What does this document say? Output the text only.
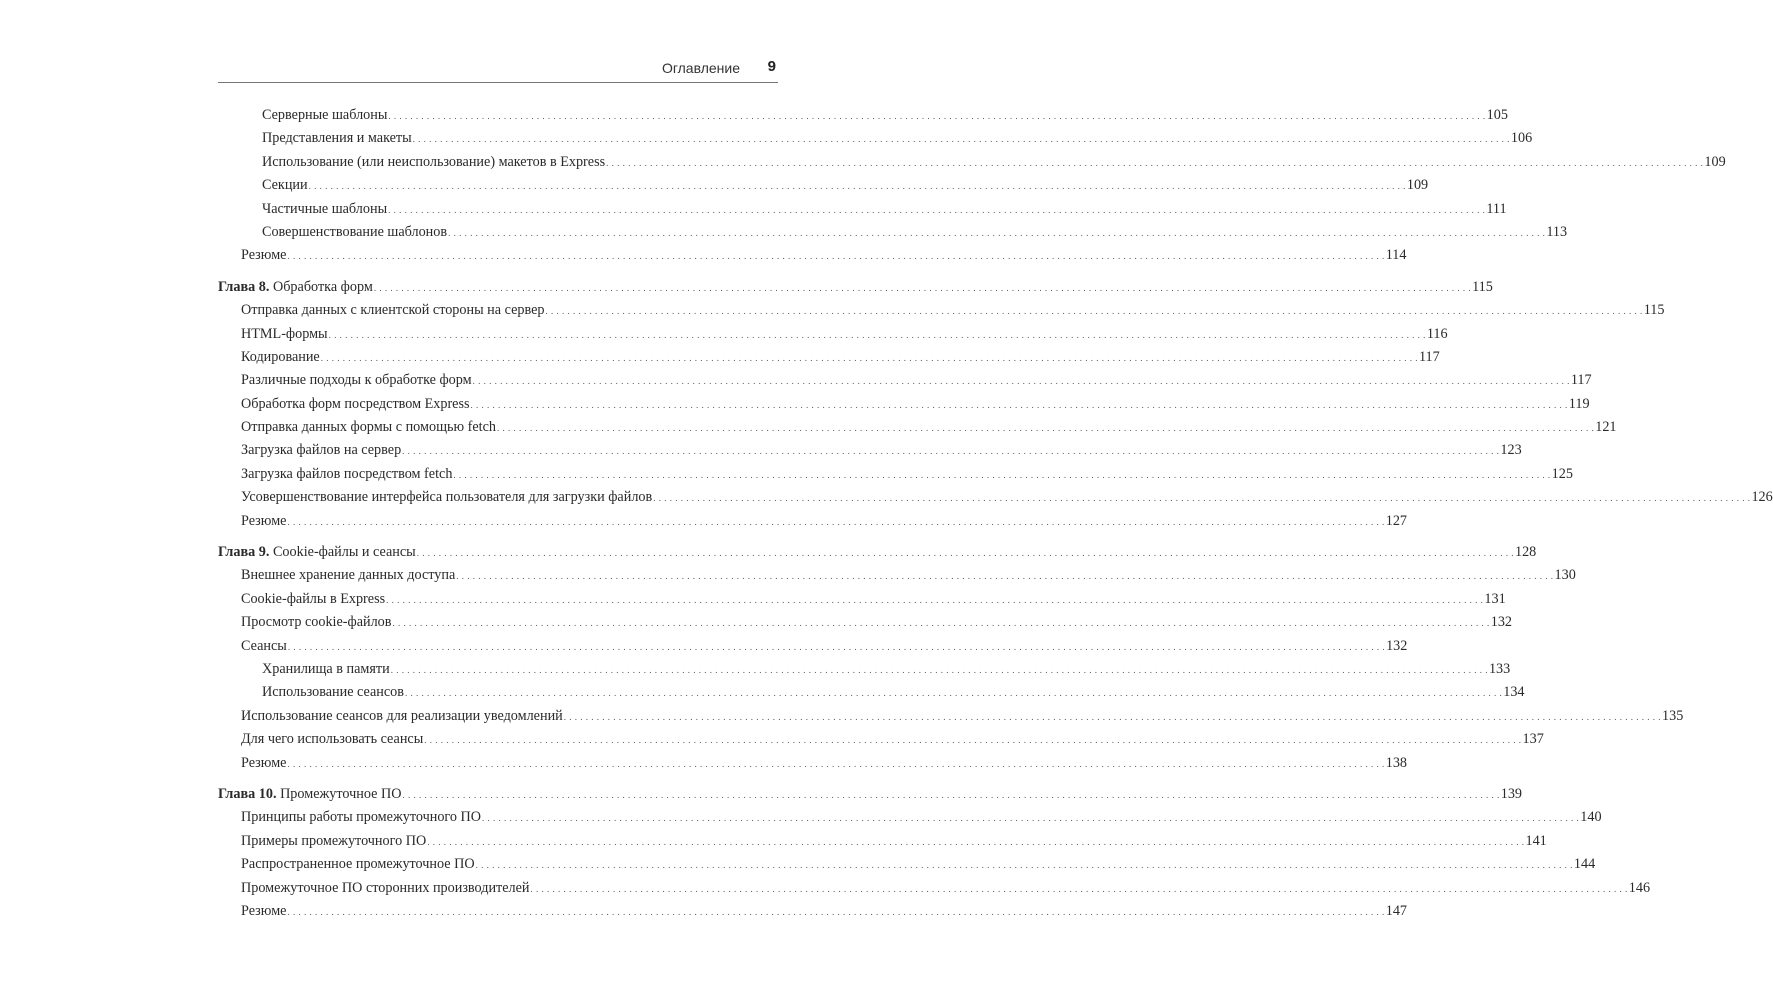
Оглавление 9
Серверные шаблоны . . . . . . . . . . . . . . . . . . . . . . . . . . . . . . . . . . . . . . . . . . . . . . . . . . . . . . . . . . . . . . . . . . . . . . . . . . . . . . . . . . . . . . . . . . . . . . . . . . . . . . . . . . . . . . . . . . . . . . . . . . . . . . . . . . . . . . . . . . . . . . . . . . . . . . . . . . . . . . . . . . . . . . . . . . . . . . . . . . . . . . . . . . . . . . . . . . . . . . . . 105
Представления и макеты . . . . . . . . . . . . . . . . . . . . . . . . . . . . . . . . . . . . . . . . . . . . . . . . . . . . . . . . . . . . . . . . . . . . . . . . . . . . . . . . . . . . . . . . . . . . . . . . . . . . . . . . . . . . . . . . . . . . . . . . . . . . . . . . . . . . . . . . . . . . . . . . . . . . . . . . . . . . . . . . . . . . . . . . . . . . . . . . . . . . . . . . . . . . . . . . . . . . . . . . 106
Использование (или неиспользование) макетов в Express . . . . . . . . . . . . . . . . . . . . . . . . . . . . . . . . . . . . . . . . . . . . . . . . . . . . . . . . . . . . . . . . . . . . . . . . . . . . . . . . . . . . . . . . . . . . . . . . . . . . . . . . . . . . . . . . . . . . . . . . . . . . . . . . . . . . . . . . . . . . . . . . . . . . . . . . . . . . . . . . . . . . . . . . . . . . . . . . . . . . . . . . . . . . . . . . . . . . . . . . 109
Секции . . . . . . . . . . . . . . . . . . . . . . . . . . . . . . . . . . . . . . . . . . . . . . . . . . . . . . . . . . . . . . . . . . . . . . . . . . . . . . . . . . . . . . . . . . . . . . . . . . . . . . . . . . . . . . . . . . . . . . . . . . . . . . . . . . . . . . . . . . . . . . . . . . . . . . . . . . . . . . . . . . . . . . . . . . . . . . . . . . . . . . . . . . . . . . . . . . . . . . . . 109
Частичные шаблоны . . . . . . . . . . . . . . . . . . . . . . . . . . . . . . . . . . . . . . . . . . . . . . . . . . . . . . . . . . . . . . . . . . . . . . . . . . . . . . . . . . . . . . . . . . . . . . . . . . . . . . . . . . . . . . . . . . . . . . . . . . . . . . . . . . . . . . . . . . . . . . . . . . . . . . . . . . . . . . . . . . . . . . . . . . . . . . . . . . . . . . . . . . . . . . . . . . . . . . . . 111
Совершенствование шаблонов . . . . . . . . . . . . . . . . . . . . . . . . . . . . . . . . . . . . . . . . . . . . . . . . . . . . . . . . . . . . . . . . . . . . . . . . . . . . . . . . . . . . . . . . . . . . . . . . . . . . . . . . . . . . . . . . . . . . . . . . . . . . . . . . . . . . . . . . . . . . . . . . . . . . . . . . . . . . . . . . . . . . . . . . . . . . . . . . . . . . . . . . . . . . . . . . . . . . . . . . 113
Резюме . . . . . . . . . . . . . . . . . . . . . . . . . . . . . . . . . . . . . . . . . . . . . . . . . . . . . . . . . . . . . . . . . . . . . . . . . . . . . . . . . . . . . . . . . . . . . . . . . . . . . . . . . . . . . . . . . . . . . . . . . . . . . . . . . . . . . . . . . . . . . . . . . . . . . . . . . . . . . . . . . . . . . . . . . . . . . . . . . . . . . . . . . . . . . . . . . . . . . . . . 114
Глава 8. Обработка форм . . . . . . . . . . . . . . . . . . . . . . . . . . . . . . . . . . . . . . . . . . . . . . . . . . . . . . . . . . . . . . . . . . . . . . . . . . . . . . . . . . . . . . . . . . . . . . . . . . . . . . . . . . . . . . . . . . . . . . . . . . . . . . . . . . . . . . . . . . . . . . . . . . . . . . . . . . . . . . . . . . . . . . . . . . . . . . . . . . . . . . . . . . . . . . . . . . . . . . . . 115
Отправка данных с клиентской стороны на сервер . . . . . . . . . . . . . . . . . . . . . . . . . . . . . . . . . . . . . . . . . . . . . . . . . . . . . . . . . . . . . . . . . . . . . . . . . . . . . . . . . . . . . . . . . . . . . . . . . . . . . . . . . . . . . . . . . . . . . . . . . . . . . . . . . . . . . . . . . . . . . . . . . . . . . . . . . . . . . . . . . . . . . . . . . . . . . . . . . . . . . . . . . . . . . . . . . . . . . . . . 115
HTML-формы . . . . . . . . . . . . . . . . . . . . . . . . . . . . . . . . . . . . . . . . . . . . . . . . . . . . . . . . . . . . . . . . . . . . . . . . . . . . . . . . . . . . . . . . . . . . . . . . . . . . . . . . . . . . . . . . . . . . . . . . . . . . . . . . . . . . . . . . . . . . . . . . . . . . . . . . . . . . . . . . . . . . . . . . . . . . . . . . . . . . . . . . . . . . . . . . . . . . . . . . 116
Кодирование . . . . . . . . . . . . . . . . . . . . . . . . . . . . . . . . . . . . . . . . . . . . . . . . . . . . . . . . . . . . . . . . . . . . . . . . . . . . . . . . . . . . . . . . . . . . . . . . . . . . . . . . . . . . . . . . . . . . . . . . . . . . . . . . . . . . . . . . . . . . . . . . . . . . . . . . . . . . . . . . . . . . . . . . . . . . . . . . . . . . . . . . . . . . . . . . . . . . . . . . 117
Различные подходы к обработке форм . . . . . . . . . . . . . . . . . . . . . . . . . . . . . . . . . . . . . . . . . . . . . . . . . . . . . . . . . . . . . . . . . . . . . . . . . . . . . . . . . . . . . . . . . . . . . . . . . . . . . . . . . . . . . . . . . . . . . . . . . . . . . . . . . . . . . . . . . . . . . . . . . . . . . . . . . . . . . . . . . . . . . . . . . . . . . . . . . . . . . . . . . . . . . . . . . . . . . . . . 117
Обработка форм посредством Express . . . . . . . . . . . . . . . . . . . . . . . . . . . . . . . . . . . . . . . . . . . . . . . . . . . . . . . . . . . . . . . . . . . . . . . . . . . . . . . . . . . . . . . . . . . . . . . . . . . . . . . . . . . . . . . . . . . . . . . . . . . . . . . . . . . . . . . . . . . . . . . . . . . . . . . . . . . . . . . . . . . . . . . . . . . . . . . . . . . . . . . . . . . . . . . . . . . . . . . . 119
Отправка данных формы с помощью fetch . . . . . . . . . . . . . . . . . . . . . . . . . . . . . . . . . . . . . . . . . . . . . . . . . . . . . . . . . . . . . . . . . . . . . . . . . . . . . . . . . . . . . . . . . . . . . . . . . . . . . . . . . . . . . . . . . . . . . . . . . . . . . . . . . . . . . . . . . . . . . . . . . . . . . . . . . . . . . . . . . . . . . . . . . . . . . . . . . . . . . . . . . . . . . . . . . . . . . . . . 121
Загрузка файлов на сервер . . . . . . . . . . . . . . . . . . . . . . . . . . . . . . . . . . . . . . . . . . . . . . . . . . . . . . . . . . . . . . . . . . . . . . . . . . . . . . . . . . . . . . . . . . . . . . . . . . . . . . . . . . . . . . . . . . . . . . . . . . . . . . . . . . . . . . . . . . . . . . . . . . . . . . . . . . . . . . . . . . . . . . . . . . . . . . . . . . . . . . . . . . . . . . . . . . . . . . . . 123
Загрузка файлов посредством fetch . . . . . . . . . . . . . . . . . . . . . . . . . . . . . . . . . . . . . . . . . . . . . . . . . . . . . . . . . . . . . . . . . . . . . . . . . . . . . . . . . . . . . . . . . . . . . . . . . . . . . . . . . . . . . . . . . . . . . . . . . . . . . . . . . . . . . . . . . . . . . . . . . . . . . . . . . . . . . . . . . . . . . . . . . . . . . . . . . . . . . . . . . . . . . . . . . . . . . . . . 125
Усовершенствование интерфейса пользователя для загрузки файлов . . . . . . . . . . . . . . . . . . . . . . . . . . . . . . . . . . . . . . . . . . . . . . . . . . . . . . . . . . . . . . . . . . . . . . . . . . . . . . . . . . . . . . . . . . . . . . . . . . . . . . . . . . . . . . . . . . . . . . . . . . . . . . . . . . . . . . . . . . . . . . . . . . . . . . . . . . . . . . . . . . . . . . . . . . . . . . . . . . . . . . . . . . . . . . . . . . . . . . . . 126
Резюме . . . . . . . . . . . . . . . . . . . . . . . . . . . . . . . . . . . . . . . . . . . . . . . . . . . . . . . . . . . . . . . . . . . . . . . . . . . . . . . . . . . . . . . . . . . . . . . . . . . . . . . . . . . . . . . . . . . . . . . . . . . . . . . . . . . . . . . . . . . . . . . . . . . . . . . . . . . . . . . . . . . . . . . . . . . . . . . . . . . . . . . . . . . . . . . . . . . . . . . . 127
Глава 9. Cookie-файлы и сеансы . . . . . . . . . . . . . . . . . . . . . . . . . . . . . . . . . . . . . . . . . . . . . . . . . . . . . . . . . . . . . . . . . . . . . . . . . . . . . . . . . . . . . . . . . . . . . . . . . . . . . . . . . . . . . . . . . . . . . . . . . . . . . . . . . . . . . . . . . . . . . . . . . . . . . . . . . . . . . . . . . . . . . . . . . . . . . . . . . . . . . . . . . . . . . . . . . . . . . . . . 128
Внешнее хранение данных доступа . . . . . . . . . . . . . . . . . . . . . . . . . . . . . . . . . . . . . . . . . . . . . . . . . . . . . . . . . . . . . . . . . . . . . . . . . . . . . . . . . . . . . . . . . . . . . . . . . . . . . . . . . . . . . . . . . . . . . . . . . . . . . . . . . . . . . . . . . . . . . . . . . . . . . . . . . . . . . . . . . . . . . . . . . . . . . . . . . . . . . . . . . . . . . . . . . . . . . . . . 130
Cookie-файлы в Express . . . . . . . . . . . . . . . . . . . . . . . . . . . . . . . . . . . . . . . . . . . . . . . . . . . . . . . . . . . . . . . . . . . . . . . . . . . . . . . . . . . . . . . . . . . . . . . . . . . . . . . . . . . . . . . . . . . . . . . . . . . . . . . . . . . . . . . . . . . . . . . . . . . . . . . . . . . . . . . . . . . . . . . . . . . . . . . . . . . . . . . . . . . . . . . . . . . . . . . . 131
Просмотр cookie-файлов . . . . . . . . . . . . . . . . . . . . . . . . . . . . . . . . . . . . . . . . . . . . . . . . . . . . . . . . . . . . . . . . . . . . . . . . . . . . . . . . . . . . . . . . . . . . . . . . . . . . . . . . . . . . . . . . . . . . . . . . . . . . . . . . . . . . . . . . . . . . . . . . . . . . . . . . . . . . . . . . . . . . . . . . . . . . . . . . . . . . . . . . . . . . . . . . . . . . . . . . 132
Сеансы . . . . . . . . . . . . . . . . . . . . . . . . . . . . . . . . . . . . . . . . . . . . . . . . . . . . . . . . . . . . . . . . . . . . . . . . . . . . . . . . . . . . . . . . . . . . . . . . . . . . . . . . . . . . . . . . . . . . . . . . . . . . . . . . . . . . . . . . . . . . . . . . . . . . . . . . . . . . . . . . . . . . . . . . . . . . . . . . . . . . . . . . . . . . . . . . . . . . . . . . 132
Хранилища в памяти . . . . . . . . . . . . . . . . . . . . . . . . . . . . . . . . . . . . . . . . . . . . . . . . . . . . . . . . . . . . . . . . . . . . . . . . . . . . . . . . . . . . . . . . . . . . . . . . . . . . . . . . . . . . . . . . . . . . . . . . . . . . . . . . . . . . . . . . . . . . . . . . . . . . . . . . . . . . . . . . . . . . . . . . . . . . . . . . . . . . . . . . . . . . . . . . . . . . . . . . 133
Использование сеансов . . . . . . . . . . . . . . . . . . . . . . . . . . . . . . . . . . . . . . . . . . . . . . . . . . . . . . . . . . . . . . . . . . . . . . . . . . . . . . . . . . . . . . . . . . . . . . . . . . . . . . . . . . . . . . . . . . . . . . . . . . . . . . . . . . . . . . . . . . . . . . . . . . . . . . . . . . . . . . . . . . . . . . . . . . . . . . . . . . . . . . . . . . . . . . . . . . . . . . . . 134
Использование сеансов для реализации уведомлений . . . . . . . . . . . . . . . . . . . . . . . . . . . . . . . . . . . . . . . . . . . . . . . . . . . . . . . . . . . . . . . . . . . . . . . . . . . . . . . . . . . . . . . . . . . . . . . . . . . . . . . . . . . . . . . . . . . . . . . . . . . . . . . . . . . . . . . . . . . . . . . . . . . . . . . . . . . . . . . . . . . . . . . . . . . . . . . . . . . . . . . . . . . . . . . . . . . . . . . . 135
Для чего использовать сеансы . . . . . . . . . . . . . . . . . . . . . . . . . . . . . . . . . . . . . . . . . . . . . . . . . . . . . . . . . . . . . . . . . . . . . . . . . . . . . . . . . . . . . . . . . . . . . . . . . . . . . . . . . . . . . . . . . . . . . . . . . . . . . . . . . . . . . . . . . . . . . . . . . . . . . . . . . . . . . . . . . . . . . . . . . . . . . . . . . . . . . . . . . . . . . . . . . . . . . . . . 137
Резюме . . . . . . . . . . . . . . . . . . . . . . . . . . . . . . . . . . . . . . . . . . . . . . . . . . . . . . . . . . . . . . . . . . . . . . . . . . . . . . . . . . . . . . . . . . . . . . . . . . . . . . . . . . . . . . . . . . . . . . . . . . . . . . . . . . . . . . . . . . . . . . . . . . . . . . . . . . . . . . . . . . . . . . . . . . . . . . . . . . . . . . . . . . . . . . . . . . . . . . . . 138
Глава 10. Промежуточное ПО . . . . . . . . . . . . . . . . . . . . . . . . . . . . . . . . . . . . . . . . . . . . . . . . . . . . . . . . . . . . . . . . . . . . . . . . . . . . . . . . . . . . . . . . . . . . . . . . . . . . . . . . . . . . . . . . . . . . . . . . . . . . . . . . . . . . . . . . . . . . . . . . . . . . . . . . . . . . . . . . . . . . . . . . . . . . . . . . . . . . . . . . . . . . . . . . . . . . . . . . 139
Принципы работы промежуточного ПО . . . . . . . . . . . . . . . . . . . . . . . . . . . . . . . . . . . . . . . . . . . . . . . . . . . . . . . . . . . . . . . . . . . . . . . . . . . . . . . . . . . . . . . . . . . . . . . . . . . . . . . . . . . . . . . . . . . . . . . . . . . . . . . . . . . . . . . . . . . . . . . . . . . . . . . . . . . . . . . . . . . . . . . . . . . . . . . . . . . . . . . . . . . . . . . . . . . . . . . . 140
Примеры промежуточного ПО . . . . . . . . . . . . . . . . . . . . . . . . . . . . . . . . . . . . . . . . . . . . . . . . . . . . . . . . . . . . . . . . . . . . . . . . . . . . . . . . . . . . . . . . . . . . . . . . . . . . . . . . . . . . . . . . . . . . . . . . . . . . . . . . . . . . . . . . . . . . . . . . . . . . . . . . . . . . . . . . . . . . . . . . . . . . . . . . . . . . . . . . . . . . . . . . . . . . . . . . 141
Распространенное промежуточное ПО . . . . . . . . . . . . . . . . . . . . . . . . . . . . . . . . . . . . . . . . . . . . . . . . . . . . . . . . . . . . . . . . . . . . . . . . . . . . . . . . . . . . . . . . . . . . . . . . . . . . . . . . . . . . . . . . . . . . . . . . . . . . . . . . . . . . . . . . . . . . . . . . . . . . . . . . . . . . . . . . . . . . . . . . . . . . . . . . . . . . . . . . . . . . . . . . . . . . . . . . 144
Промежуточное ПО сторонних производителей . . . . . . . . . . . . . . . . . . . . . . . . . . . . . . . . . . . . . . . . . . . . . . . . . . . . . . . . . . . . . . . . . . . . . . . . . . . . . . . . . . . . . . . . . . . . . . . . . . . . . . . . . . . . . . . . . . . . . . . . . . . . . . . . . . . . . . . . . . . . . . . . . . . . . . . . . . . . . . . . . . . . . . . . . . . . . . . . . . . . . . . . . . . . . . . . . . . . . . . . 146
Резюме . . . . . . . . . . . . . . . . . . . . . . . . . . . . . . . . . . . . . . . . . . . . . . . . . . . . . . . . . . . . . . . . . . . . . . . . . . . . . . . . . . . . . . . . . . . . . . . . . . . . . . . . . . . . . . . . . . . . . . . . . . . . . . . . . . . . . . . . . . . . . . . . . . . . . . . . . . . . . . . . . . . . . . . . . . . . . . . . . . . . . . . . . . . . . . . . . . . . . . . . 147
